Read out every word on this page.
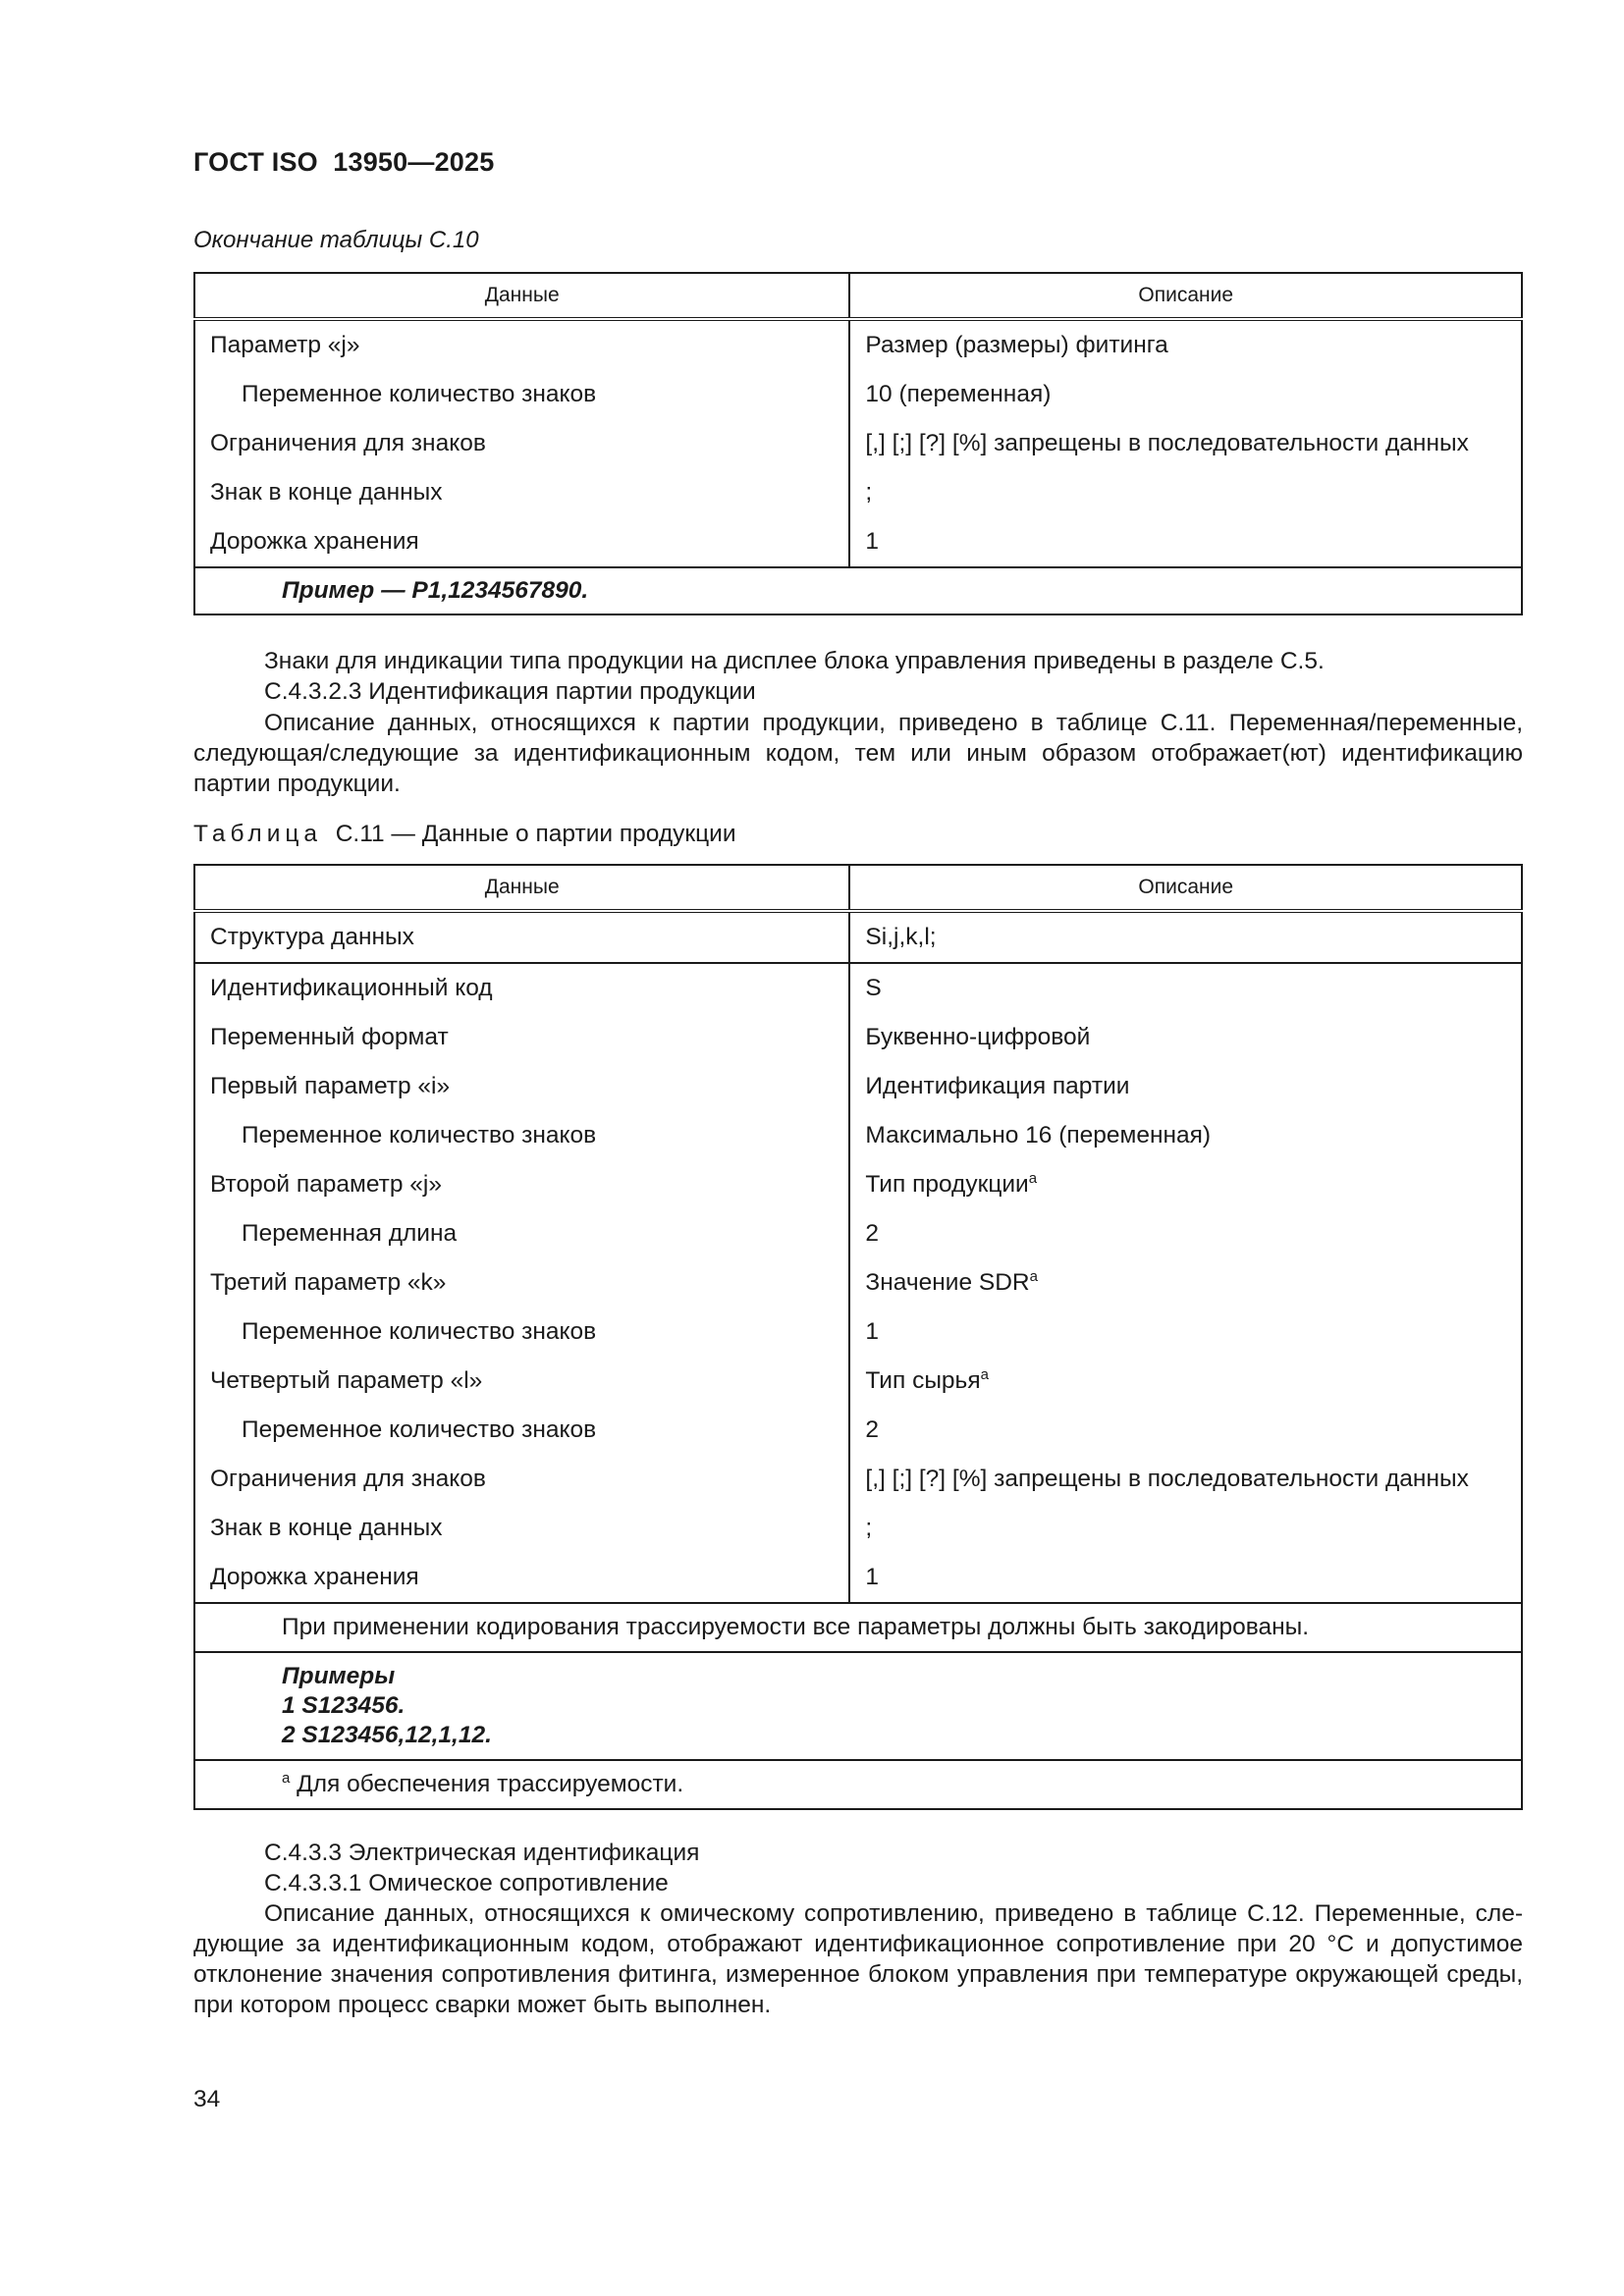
ГОСТ ISO  13950—2025
Окончание таблицы С.10
Данные	Описание
Параметр «j»	Размер (размеры) фитинга
Переменное количество знаков	10 (переменная)
Ограничения для знаков	[,] [;] [?] [%] запрещены в последовательности данных
Знак в конце данных	;
Дорожка хранения	1
Пример — Р1,1234567890.	
Знаки для индикации типа продукции на дисплее блока управления приведены в разделе С.5.
С.4.3.2.3 Идентификация партии продукции
Описание данных, относящихся к партии продукции, приведено в таблице С.11. Переменная/переменные, следующая/следующие за идентификационным кодом, тем или иным образом отображает(ют) идентификацию партии продукции.
Таблица С.11 — Данные о партии продукции
Данные	Описание
Структура данных	Si,j,k,l;
Идентификационный код	S
Переменный формат	Буквенно-цифровой
Первый параметр «i»	Идентификация партии
Переменное количество знаков	Максимально 16 (переменная)
Второй параметр «j»	Тип продукции$^a$
Переменная длина	2
Третий параметр «k»	Значение SDR$^a$
Переменное количество знаков	1
Четвертый параметр «l»	Тип сырья$^a$
Переменное количество знаков	2
Ограничения для знаков	[,] [;] [?] [%] запрещены в последовательности данных
Знак в конце данных	;
Дорожка хранения	1
При применении кодирования трассируемости все параметры должны быть закодированы.	

Примеры
1 S123456.
2 S123456,12,1,12.	

$^a$ Для обеспечения трассируемости.	
С.4.3.3 Электрическая идентификация
С.4.3.3.1 Омическое сопротивление
Описание данных, относящихся к омическому сопротивлению, приведено в таблице С.12. Переменные, следующие за идентификационным кодом, отображают идентификационное сопротивление при 20 °С и допустимое отклонение значения сопротивления фитинга, измеренное блоком управления при температуре окружающей среды, при котором процесс сварки может быть выполнен.
34
